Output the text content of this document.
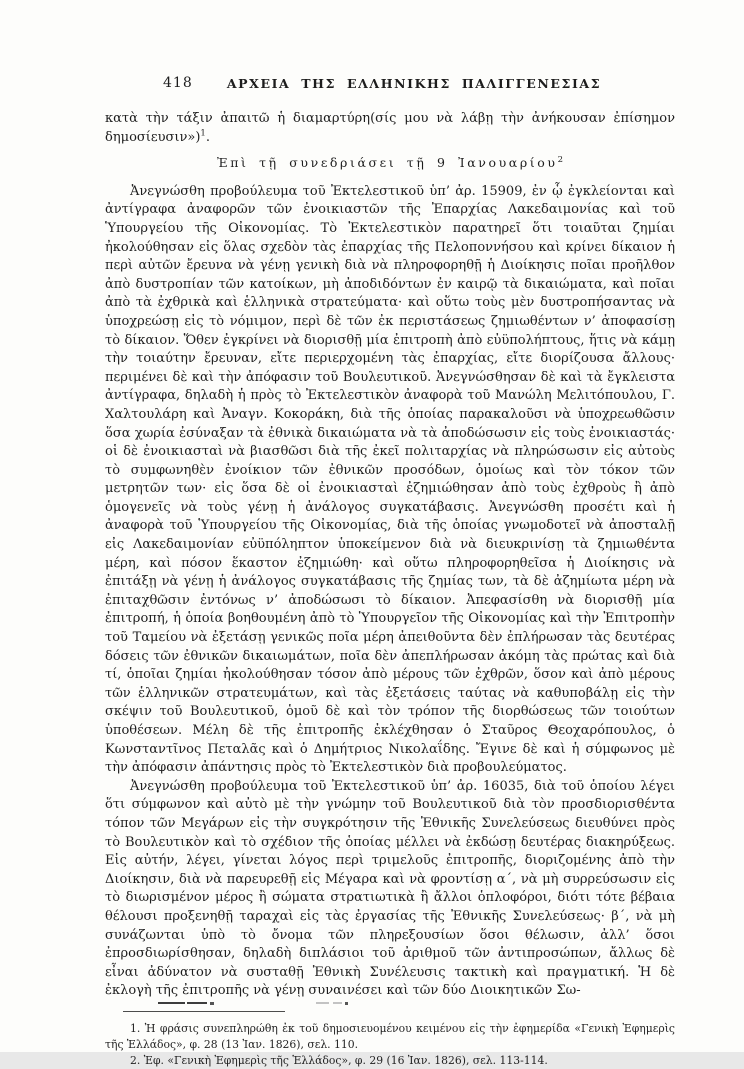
418	ΑΡΧΕΙΑ ΤΗΣ ΕΛΛΗΝΙΚΗΣ ΠΑΛΙΓΓΕΝΕΣΙΑΣ

κατὰ τὴν τάξιν ἀπαιτῶ ἡ διαμαρτύρη(σίς μου νὰ λάβῃ τὴν ἀνήκουσαν ἐπίσημον δημοσίευσιν»)$^1$.

Ἐπὶ τῇ συνεδριάσει τῇ 9 Ἰανουαρίου$^2$

Ἀνεγνώσθη προβούλευμα τοῦ Ἐκτελεστικοῦ ὑπ’ ἀρ. 15909, ἐν ᾧ ἐγκλείονται καὶ ἀντίγραφα ἀναφορῶν τῶν ἐνοικιαστῶν τῆς Ἐπαρχίας Λακεδαιμονίας καὶ τοῦ Ὑπουργείου τῆς Οἰκονομίας. Τὸ Ἐκτελεστικὸν παρατηρεῖ ὅτι τοιαῦται ζημίαι ἠκολούθησαν εἰς ὅλας σχεδὸν τὰς ἐπαρχίας τῆς Πελοποννήσου καὶ κρίνει δίκαιον ἡ περὶ αὐτῶν ἔρευνα νὰ γένῃ γενικὴ διὰ νὰ πληροφορηθῇ ἡ Διοίκησις ποῖαι προῆλθον ἀπὸ δυστροπίαν τῶν κατοίκων, μὴ ἀποδιδόντων ἐν καιρῷ τὰ δικαιώματα, καὶ ποῖαι ἀπὸ τὰ ἐχθρικὰ καὶ ἑλληνικὰ στρατεύματα· καὶ οὕτω τοὺς μὲν δυστροπήσαντας νὰ ὑποχρεώσῃ εἰς τὸ νόμιμον, περὶ δὲ τῶν ἐκ περιστάσεως ζημιωθέντων ν’ ἀποφασίσῃ τὸ δίκαιον. Ὅθεν ἐγκρίνει νὰ διορισθῇ μία ἐπιτροπὴ ἀπὸ εὐϋπολήπτους, ἥτις νὰ κάμῃ τὴν τοιαύτην ἔρευναν, εἴτε περιερχομένη τὰς ἐπαρχίας, εἴτε διορίζουσα ἄλλους· περιμένει δὲ καὶ τὴν ἀπόφασιν τοῦ Βουλευτικοῦ. Ἀνεγνώσθησαν δὲ καὶ τὰ ἔγκλειστα ἀντίγραφα, δηλαδὴ ἡ πρὸς τὸ Ἐκτελεστικὸν ἀναφορὰ τοῦ Μανώλη Μελιτόπουλου, Γ. Χαλτουλάρη καὶ Ἀναγν. Κοκοράκη, διὰ τῆς ὁποίας παρακαλοῦσι νὰ ὑποχρεωθῶσιν ὅσα χωρία ἐσύναξαν τὰ ἐθνικὰ δικαιώματα νὰ τὰ ἀποδώσωσιν εἰς τοὺς ἐνοικιαστάς· οἱ δὲ ἐνοικιασταὶ νὰ βιασθῶσι διὰ τῆς ἐκεῖ πολιταρχίας νὰ πληρώσωσιν εἰς αὐτοὺς τὸ συμφωνηθὲν ἐνοίκιον τῶν ἐθνικῶν προσόδων, ὁμοίως καὶ τὸν τόκον τῶν μετρητῶν των· εἰς ὅσα δὲ οἱ ἐνοικιασταὶ ἐζημιώθησαν ἀπὸ τοὺς ἐχθροὺς ἢ ἀπὸ ὁμογενεῖς νὰ τοὺς γένῃ ἡ ἀνάλογος συγκατάβασις. Ἀνεγνώσθη προσέτι καὶ ἡ ἀναφορὰ τοῦ Ὑπουργείου τῆς Οἰκονομίας, διὰ τῆς ὁποίας γνωμοδοτεῖ νὰ ἀποσταλῇ εἰς Λακεδαιμονίαν εὐϋπόληπτον ὑποκείμενον διὰ νὰ διευκρινίσῃ τὰ ζημιωθέντα μέρη, καὶ πόσον ἕκαστον ἐζημιώθη· καὶ οὕτω πληροφορηθεῖσα ἡ Διοίκησις νὰ ἐπιτάξῃ νὰ γένῃ ἡ ἀνάλογος συγκατάβασις τῆς ζημίας των, τὰ δὲ ἀζημίωτα μέρη νὰ ἐπιταχθῶσιν ἐντόνως ν’ ἀποδώσωσι τὸ δίκαιον. Ἀπεφασίσθη νὰ διορισθῇ μία ἐπιτροπή, ἡ ὁποία βοηθουμένη ἀπὸ τὸ Ὑπουργεῖον τῆς Οἰκονομίας καὶ τὴν Ἐπιτροπὴν τοῦ Ταμείου νὰ ἐξετάσῃ γενικῶς ποῖα μέρη ἀπειθοῦντα δὲν ἐπλήρωσαν τὰς δευτέρας δόσεις τῶν ἐθνικῶν δικαιωμάτων, ποῖα δὲν ἀπεπλήρωσαν ἀκόμη τὰς πρώτας καὶ διὰ τί, ὁποῖαι ζημίαι ἠκολούθησαν τόσον ἀπὸ μέρους τῶν ἐχθρῶν, ὅσον καὶ ἀπὸ μέρους τῶν ἑλληνικῶν στρατευμάτων, καὶ τὰς ἐξετάσεις ταύτας νὰ καθυποβάλῃ εἰς τὴν σκέψιν τοῦ Βουλευτικοῦ, ὁμοῦ δὲ καὶ τὸν τρόπον τῆς διορθώσεως τῶν τοιούτων ὑποθέσεων. Μέλη δὲ τῆς ἐπιτροπῆς ἐκλέχθησαν ὁ Σταῦρος Θεοχαρόπουλος, ὁ Κωνσταντῖνος Πεταλᾶς καὶ ὁ Δημήτριος Νικολαΐδης. Ἔγινε δὲ καὶ ἡ σύμφωνος μὲ τὴν ἀπόφασιν ἀπάντησις πρὸς τὸ Ἐκτελεστικὸν διὰ προβουλεύματος.

Ἀνεγνώσθη προβούλευμα τοῦ Ἐκτελεστικοῦ ὑπ’ ἀρ. 16035, διὰ τοῦ ὁποίου λέγει ὅτι σύμφωνον καὶ αὐτὸ μὲ τὴν γνώμην τοῦ Βουλευτικοῦ διὰ τὸν προσδιορισθέντα τόπον τῶν Μεγάρων εἰς τὴν συγκρότησιν τῆς Ἐθνικῆς Συνελεύσεως διευθύνει πρὸς τὸ Βουλευτικὸν καὶ τὸ σχέδιον τῆς ὁποίας μέλλει νὰ ἐκδώσῃ δευτέρας διακηρύξεως. Εἰς αὐτήν, λέγει, γίνεται λόγος περὶ τριμελοῦς ἐπιτροπῆς, διοριζομένης ἀπὸ τὴν Διοίκησιν, διὰ νὰ παρευρεθῇ εἰς Μέγαρα καὶ νὰ φροντίσῃ α΄, νὰ μὴ συρρεύσωσιν εἰς τὸ διωρισμένον μέρος ἢ σώματα στρατιωτικὰ ἢ ἄλλοι ὁπλοφόροι, διότι τότε βέβαια θέλουσι προξενηθῇ ταραχαὶ εἰς τὰς ἐργασίας τῆς Ἐθνικῆς Συνελεύσεως· β΄, νὰ μὴ συνάζωνται ὑπὸ τὸ ὄνομα τῶν πληρεξουσίων ὅσοι θέλωσιν, ἀλλ’ ὅσοι ἐπροσδιωρίσθησαν, δηλαδὴ διπλάσιοι τοῦ ἀριθμοῦ τῶν ἀντιπροσώπων, ἄλλως δὲ εἶναι ἀδύνατον νὰ συσταθῇ Ἐθνικὴ Συνέλευσις τακτικὴ καὶ πραγματική. Ἡ δὲ ἐκλογὴ τῆς ἐπιτροπῆς νὰ γένῃ συναινέσει καὶ τῶν δύο Διοικητικῶν Σω-

1. Ἡ φράσις συνεπληρώθη ἐκ τοῦ δημοσιευομένου κειμένου εἰς τὴν ἐφημερίδα «Γενικὴ Ἐφημερὶς τῆς Ἑλλάδος», φ. 28 (13 Ἰαν. 1826), σελ. 110.

2. Ἐφ. «Γενικὴ Ἐφημερὶς τῆς Ἑλλάδος», φ. 29 (16 Ἰαν. 1826), σελ. 113-114.
